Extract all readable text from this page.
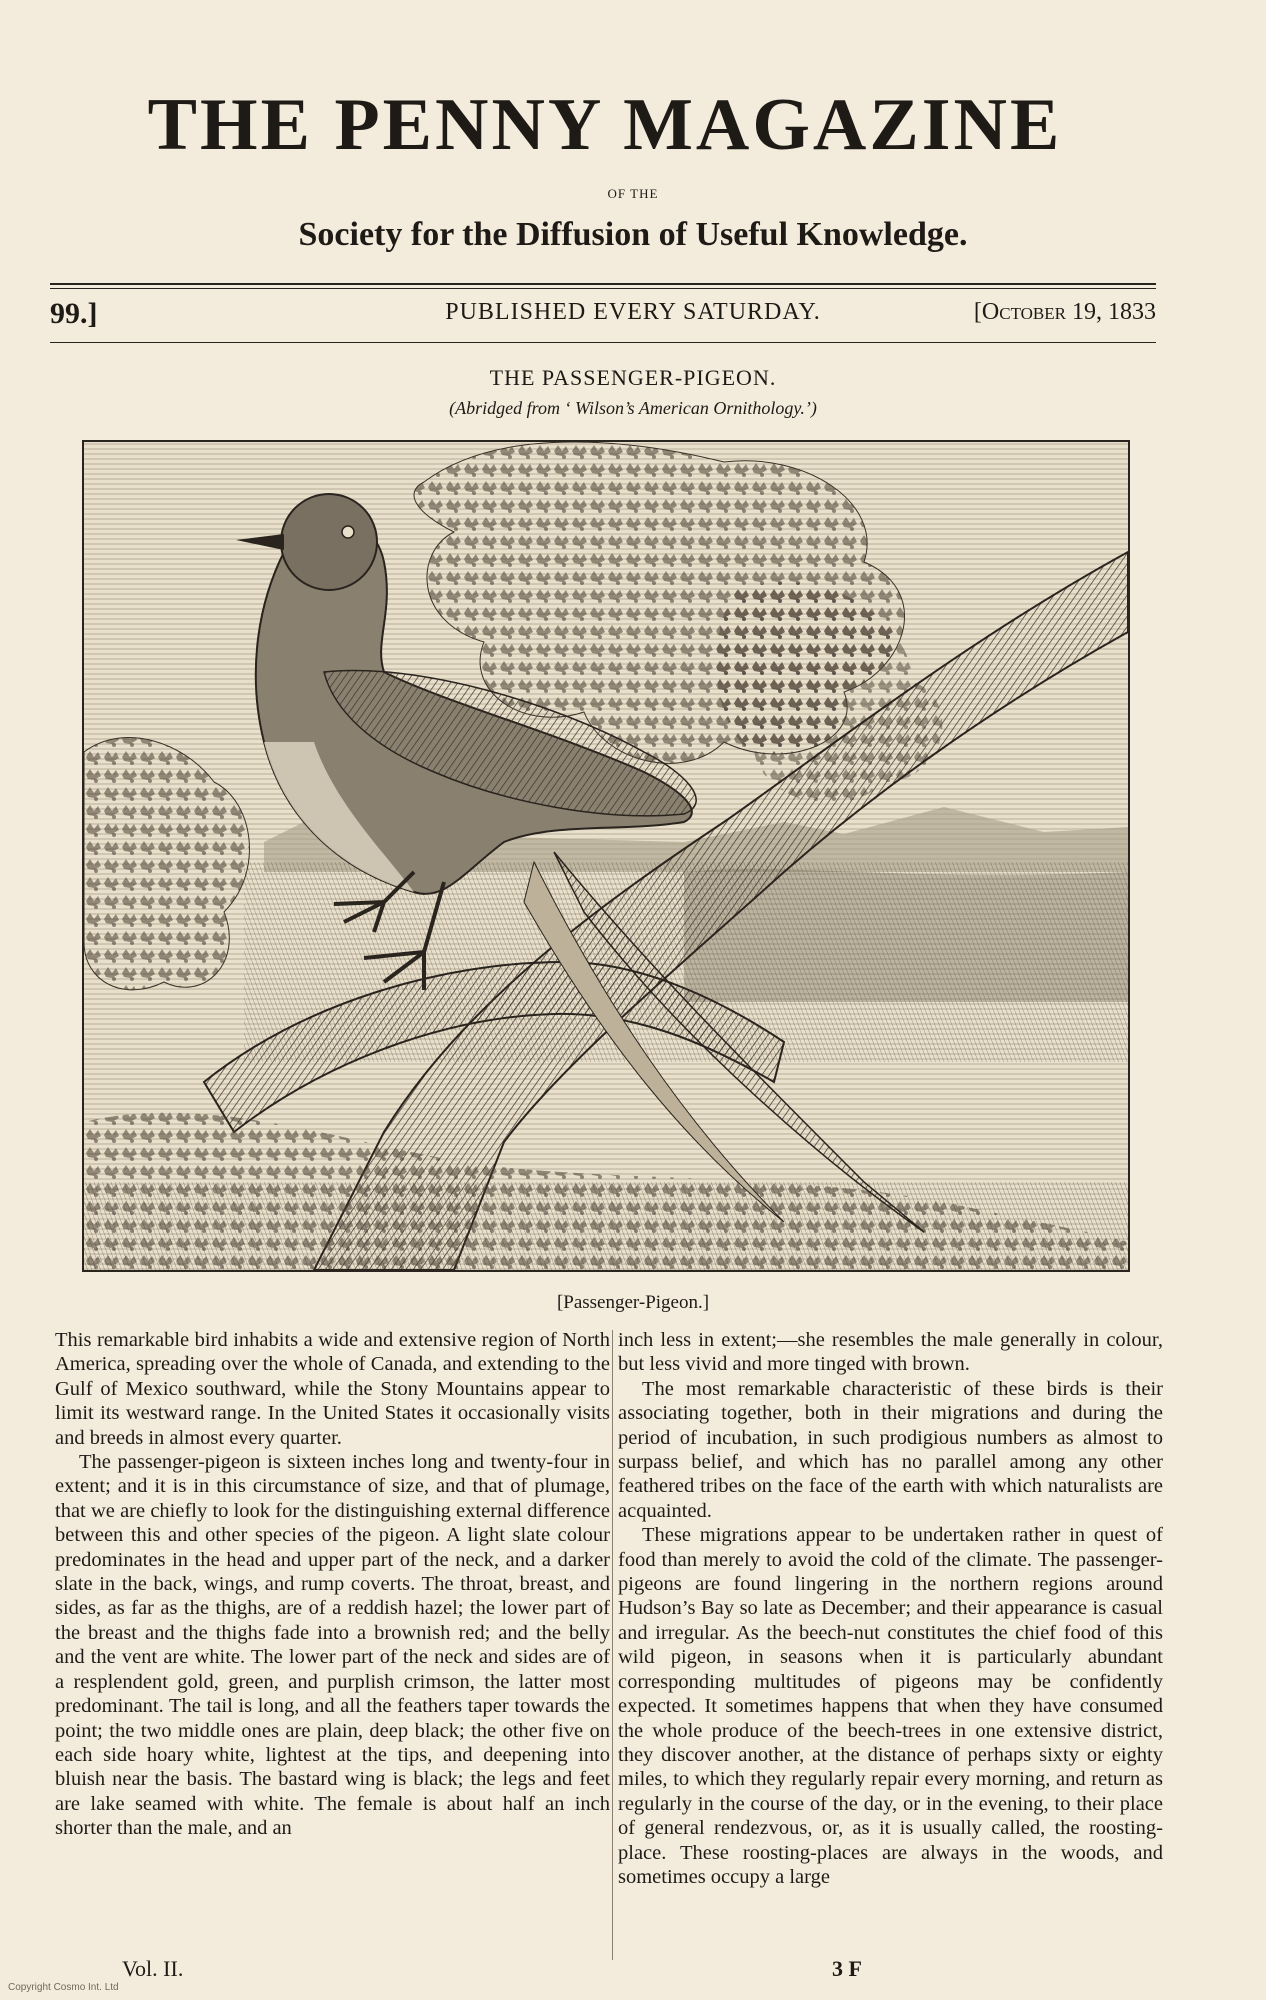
THE PENNY MAGAZINE
OF THE
Society for the Diffusion of Useful Knowledge.
99.]	PUBLISHED EVERY SATURDAY.	[October 19, 1833
THE PASSENGER-PIGEON.
(Abridged from ‘ Wilson’s American Ornithology.’)
[Passenger-Pigeon.]

This remarkable bird inhabits a wide and extensive region of North America, spreading over the whole of Canada, and extending to the Gulf of Mexico southward, while the Stony Mountains appear to limit its westward range. In the United States it occasionally visits and breeds in almost every quarter.

The passenger-pigeon is sixteen inches long and twenty-four in extent; and it is in this circumstance of size, and that of plumage, that we are chiefly to look for the distinguishing external difference between this and other species of the pigeon. A light slate colour predominates in the head and upper part of the neck, and a darker slate in the back, wings, and rump coverts. The throat, breast, and sides, as far as the thighs, are of a reddish hazel; the lower part of the breast and the thighs fade into a brownish red; and the belly and the vent are white. The lower part of the neck and sides are of a resplendent gold, green, and purplish crimson, the latter most predominant. The tail is long, and all the feathers taper towards the point; the two middle ones are plain, deep black; the other five on each side hoary white, lightest at the tips, and deepening into bluish near the basis. The bastard wing is black; the legs and feet are lake seamed with white. The female is about half an inch shorter than the male, and an

inch less in extent;—she resembles the male generally in colour, but less vivid and more tinged with brown.

The most remarkable characteristic of these birds is their associating together, both in their migrations and during the period of incubation, in such prodigious numbers as almost to surpass belief, and which has no parallel among any other feathered tribes on the face of the earth with which naturalists are acquainted.

These migrations appear to be undertaken rather in quest of food than merely to avoid the cold of the climate. The passenger-pigeons are found lingering in the northern regions around Hudson’s Bay so late as December; and their appearance is casual and irregular. As the beech-nut constitutes the chief food of this wild pigeon, in seasons when it is particularly abundant corresponding multitudes of pigeons may be confidently expected. It sometimes happens that when they have consumed the whole produce of the beech-trees in one extensive district, they discover another, at the distance of perhaps sixty or eighty miles, to which they regularly repair every morning, and return as regularly in the course of the day, or in the evening, to their place of general rendezvous, or, as it is usually called, the roosting-place. These roosting-places are always in the woods, and sometimes occupy a large

Vol. II.	3 F
Copyright Cosmo Int. Ltd
